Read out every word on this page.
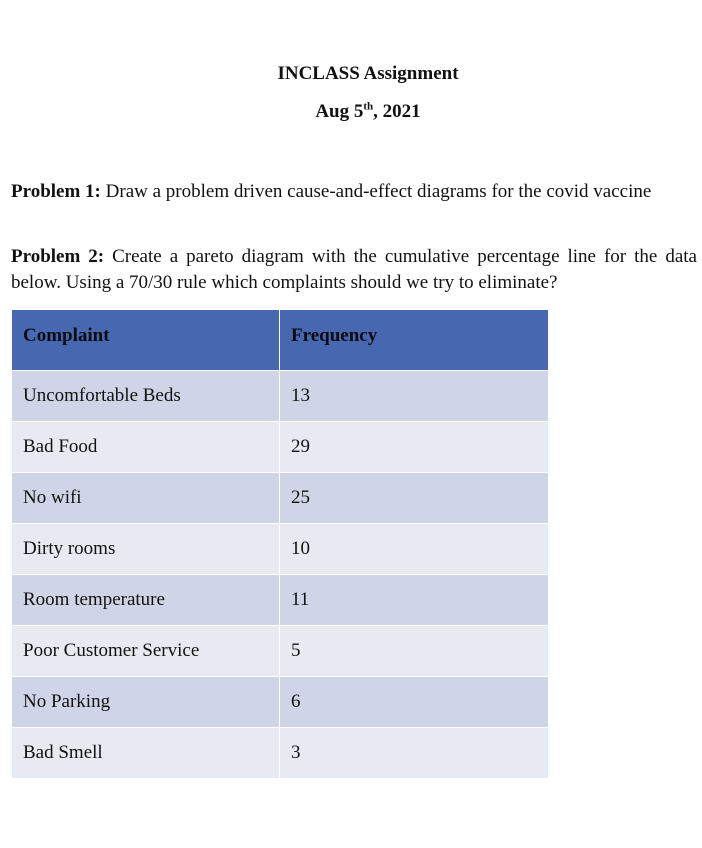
INCLASS Assignment
Aug 5th, 2021
Problem 1: Draw a problem driven cause-and-effect diagrams for the covid vaccine
Problem 2: Create a pareto diagram with the cumulative percentage line for the data below. Using a 70/30 rule which complaints should we try to eliminate?
Complaint	Frequency
Uncomfortable Beds	13
Bad Food	29
No wifi	25
Dirty rooms	10
Room temperature	11
Poor Customer Service	5
No Parking	6
Bad Smell	3
